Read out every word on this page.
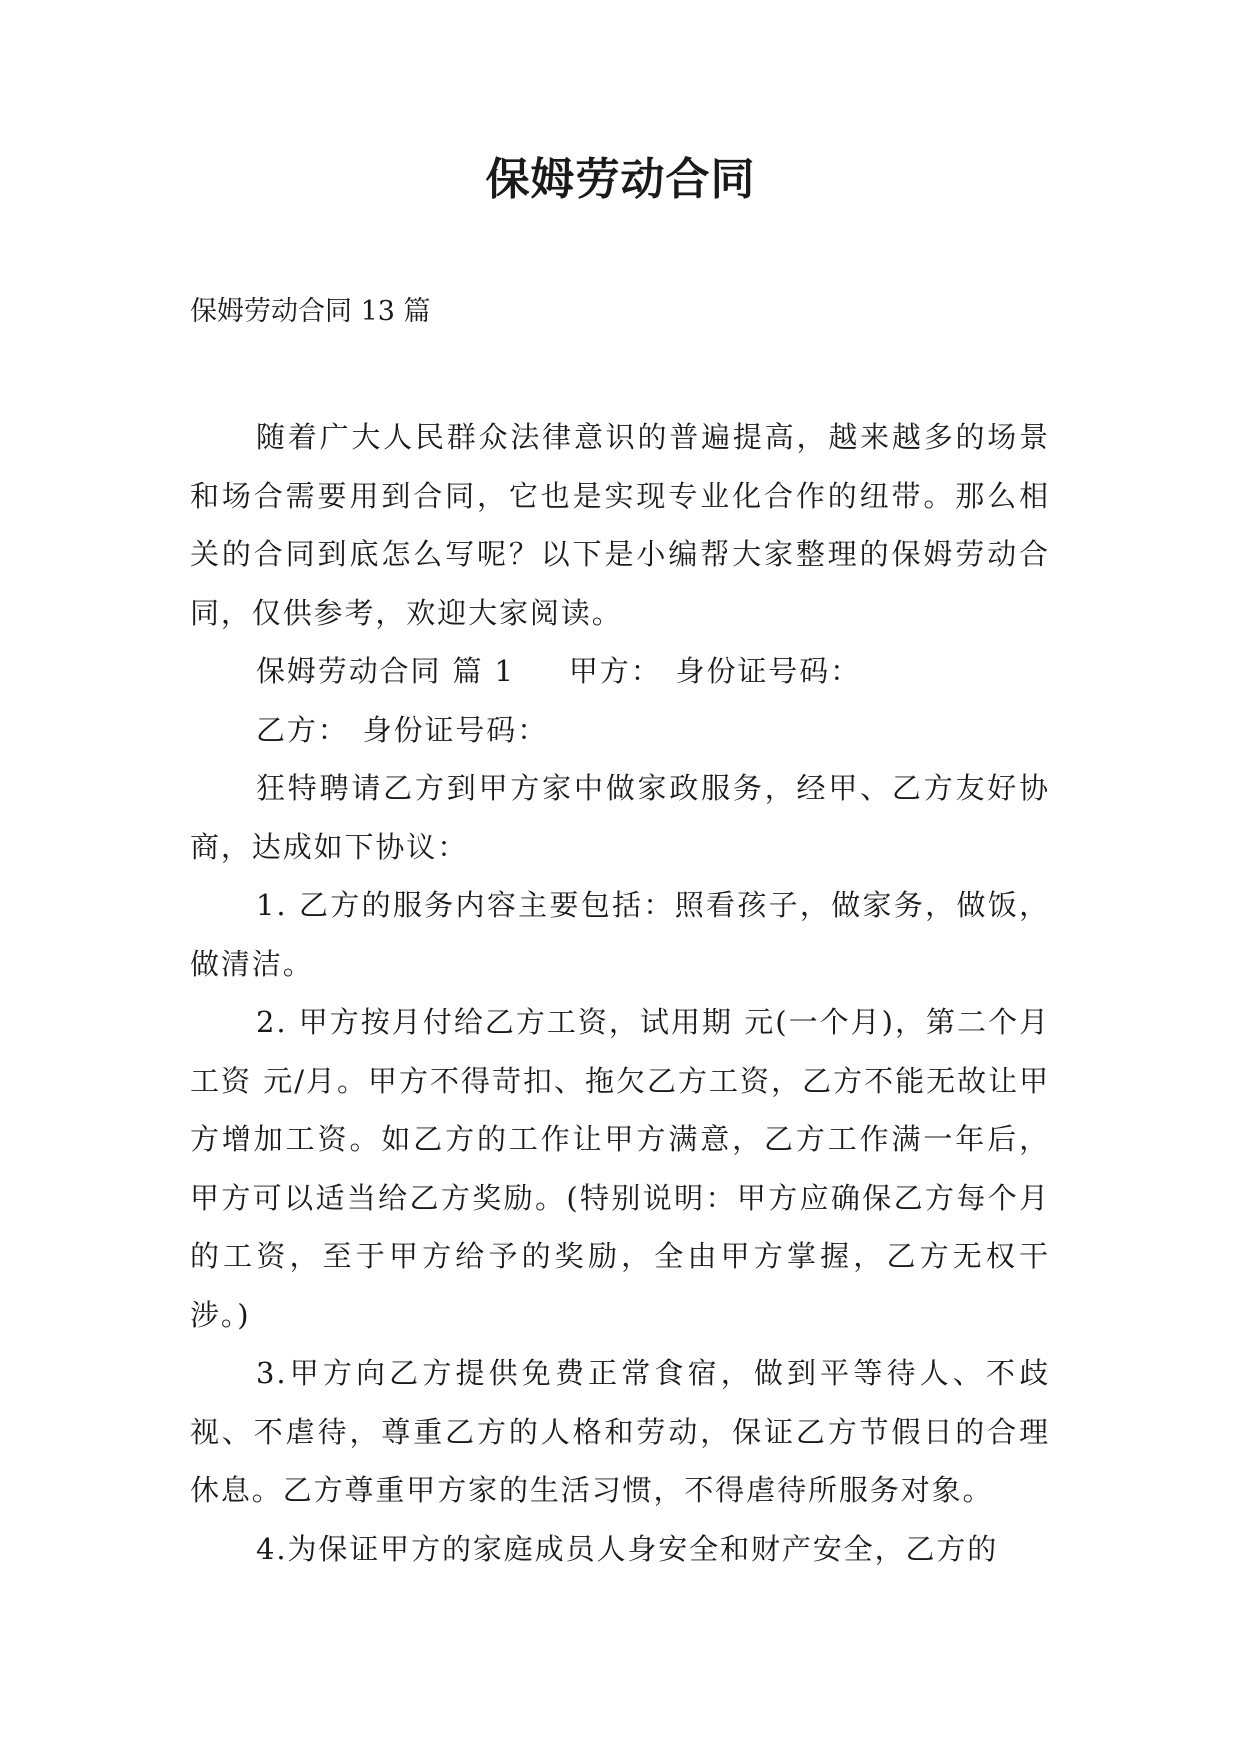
保姆劳动合同

保姆劳动合同 13 篇

随着广大人民群众法律意识的普遍提高，越来越多的场景和场合需要用到合同，它也是实现专业化合作的纽带。那么相关的合同到底怎么写呢？以下是小编帮大家整理的保姆劳动合同，仅供参考，欢迎大家阅读。

保姆劳动合同 篇 1 甲方： 身份证号码：

乙方： 身份证号码：

狂特聘请乙方到甲方家中做家政服务，经甲、乙方友好协商，达成如下协议：

1. 乙方的服务内容主要包括：照看孩子，做家务，做饭，做清洁。

2. 甲方按月付给乙方工资，试用期 元(一个月)，第二个月工资 元/月。甲方不得苛扣、拖欠乙方工资，乙方不能无故让甲方增加工资。如乙方的工作让甲方满意，乙方工作满一年后，甲方可以适当给乙方奖励。(特别说明：甲方应确保乙方每个月的工资，至于甲方给予的奖励，全由甲方掌握，乙方无权干涉。)

3.甲方向乙方提供免费正常食宿，做到平等待人、不歧视、不虐待，尊重乙方的人格和劳动，保证乙方节假日的合理休息。乙方尊重甲方家的生活习惯，不得虐待所服务对象。

4.为保证甲方的家庭成员人身安全和财产安全，乙方的
